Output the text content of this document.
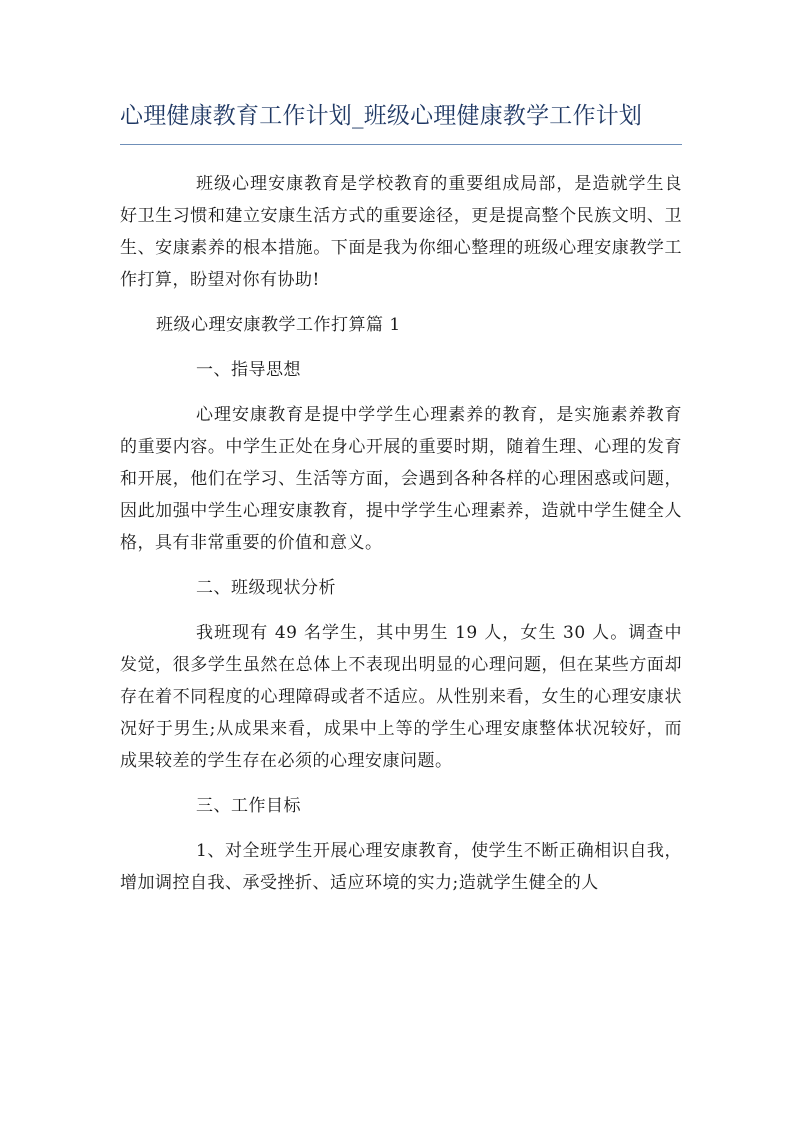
心理健康教育工作计划_班级心理健康教学工作计划

班级心理安康教育是学校教育的重要组成局部，是造就学生良好卫生习惯和建立安康生活方式的重要途径，更是提高整个民族文明、卫生、安康素养的根本措施。下面是我为你细心整理的班级心理安康教学工作打算，盼望对你有协助!

班级心理安康教学工作打算篇 1

一、指导思想

心理安康教育是提中学学生心理素养的教育，是实施素养教育的重要内容。中学生正处在身心开展的重要时期，随着生理、心理的发育和开展，他们在学习、生活等方面，会遇到各种各样的心理困惑或问题，因此加强中学生心理安康教育，提中学学生心理素养，造就中学生健全人格，具有非常重要的价值和意义。

二、班级现状分析

我班现有 49 名学生，其中男生 19 人，女生 30 人。调查中发觉，很多学生虽然在总体上不表现出明显的心理问题，但在某些方面却存在着不同程度的心理障碍或者不适应。从性别来看，女生的心理安康状况好于男生;从成果来看，成果中上等的学生心理安康整体状况较好，而成果较差的学生存在必须的心理安康问题。

三、工作目标

1、对全班学生开展心理安康教育，使学生不断正确相识自我，增加调控自我、承受挫折、适应环境的实力;造就学生健全的人
